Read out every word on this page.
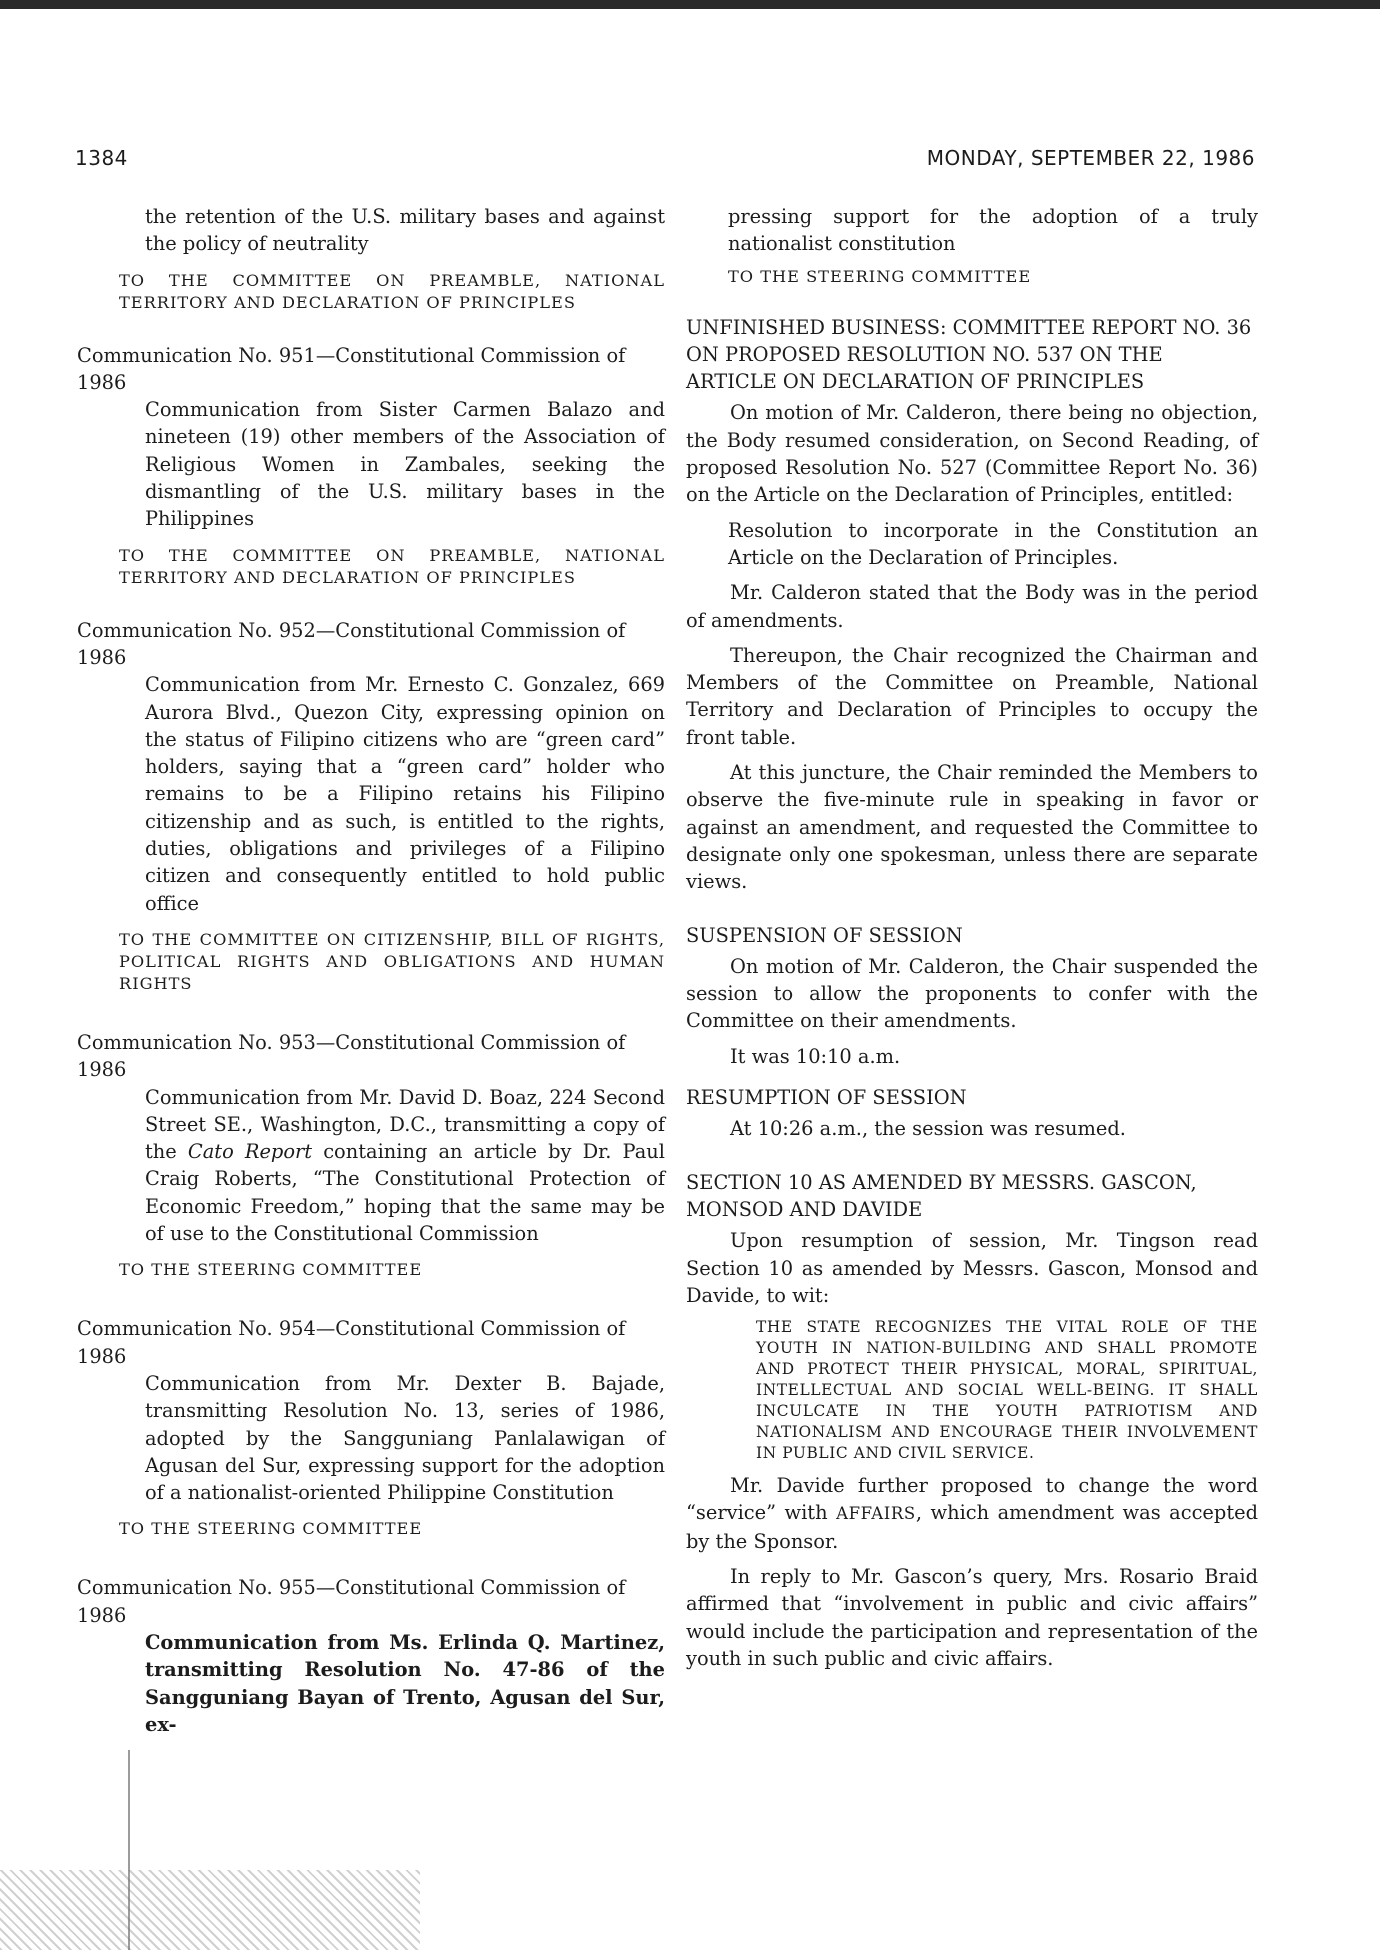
1384	MONDAY, SEPTEMBER 22, 1986

the retention of the U.S. military bases and against the policy of neutrality

TO THE COMMITTEE ON PREAMBLE, NATIONAL TERRITORY AND DECLARATION OF PRINCIPLES

Communication No. 951—Constitutional Commission of 1986

Communication from Sister Carmen Balazo and nineteen (19) other members of the Association of Religious Women in Zambales, seeking the dismantling of the U.S. military bases in the Philippines

TO THE COMMITTEE ON PREAMBLE, NATIONAL TERRITORY AND DECLARATION OF PRINCIPLES

Communication No. 952—Constitutional Commission of 1986

Communication from Mr. Ernesto C. Gonzalez, 669 Aurora Blvd., Quezon City, expressing opinion on the status of Filipino citizens who are “green card” holders, saying that a “green card” holder who remains to be a Filipino retains his Filipino citizenship and as such, is entitled to the rights, duties, obligations and privileges of a Filipino citizen and consequently entitled to hold public office

TO THE COMMITTEE ON CITIZENSHIP, BILL OF RIGHTS, POLITICAL RIGHTS AND OBLIGATIONS AND HUMAN RIGHTS

Communication No. 953—Constitutional Commission of 1986

Communication from Mr. David D. Boaz, 224 Second Street SE., Washington, D.C., transmitting a copy of the Cato Report containing an article by Dr. Paul Craig Roberts, “The Constitutional Protection of Economic Freedom,” hoping that the same may be of use to the Constitutional Commission

TO THE STEERING COMMITTEE

Communication No. 954—Constitutional Commission of 1986

Communication from Mr. Dexter B. Bajade, transmitting Resolution No. 13, series of 1986, adopted by the Sangguniang Panlalawigan of Agusan del Sur, expressing support for the adoption of a nationalist-oriented Philippine Constitution

TO THE STEERING COMMITTEE

Communication No. 955—Constitutional Commission of 1986

Communication from Ms. Erlinda Q. Martinez, transmitting Resolution No. 47-86 of the Sangguniang Bayan of Trento, Agusan del Sur, ex-

pressing support for the adoption of a truly nationalist constitution

TO THE STEERING COMMITTEE

UNFINISHED BUSINESS: COMMITTEE REPORT NO. 36 ON PROPOSED RESOLUTION NO. 537 ON THE ARTICLE ON DECLARATION OF PRINCIPLES

On motion of Mr. Calderon, there being no objection, the Body resumed consideration, on Second Reading, of proposed Resolution No. 527 (Committee Report No. 36) on the Article on the Declaration of Principles, entitled:

Resolution to incorporate in the Constitution an Article on the Declaration of Principles.

Mr. Calderon stated that the Body was in the period of amendments.

Thereupon, the Chair recognized the Chairman and Members of the Committee on Preamble, National Territory and Declaration of Principles to occupy the front table.

At this juncture, the Chair reminded the Members to observe the five-minute rule in speaking in favor or against an amendment, and requested the Committee to designate only one spokesman, unless there are separate views.

SUSPENSION OF SESSION

On motion of Mr. Calderon, the Chair suspended the session to allow the proponents to confer with the Committee on their amendments.

It was 10:10 a.m.

RESUMPTION OF SESSION

At 10:26 a.m., the session was resumed.

SECTION 10 AS AMENDED BY MESSRS. GASCON, MONSOD AND DAVIDE

Upon resumption of session, Mr. Tingson read Section 10 as amended by Messrs. Gascon, Monsod and Davide, to wit:

THE STATE RECOGNIZES THE VITAL ROLE OF THE YOUTH IN NATION-BUILDING AND SHALL PROMOTE AND PROTECT THEIR PHYSICAL, MORAL, SPIRITUAL, INTELLECTUAL AND SOCIAL WELL-BEING. IT SHALL INCULCATE IN THE YOUTH PATRIOTISM AND NATIONALISM AND ENCOURAGE THEIR INVOLVEMENT IN PUBLIC AND CIVIL SERVICE.

Mr. Davide further proposed to change the word “service” with AFFAIRS, which amendment was accepted by the Sponsor.

In reply to Mr. Gascon’s query, Mrs. Rosario Braid affirmed that “involvement in public and civic affairs” would include the participation and representation of the youth in such public and civic affairs.
